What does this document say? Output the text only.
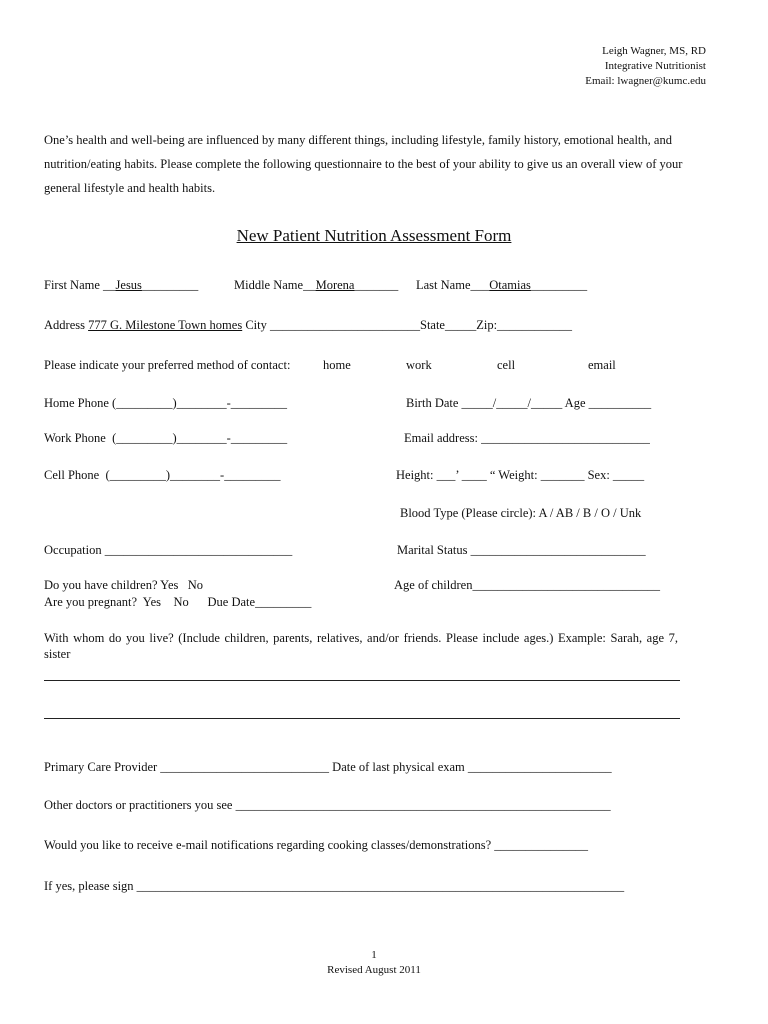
Leigh Wagner, MS, RD
Integrative Nutritionist
Email: lwagner@kumc.edu
One’s health and well-being are influenced by many different things, including lifestyle, family history, emotional health, and nutrition/eating habits. Please complete the following questionnaire to the best of your ability to give us an overall view of your general lifestyle and health habits.
New Patient Nutrition Assessment Form
First Name __Jesus_________	Middle Name__Morena_______ Last Name___Otamias_________
Address 777 G. Milestone Town homes City ________________________State_____Zip:____________
Please indicate your preferred method of contact:	home	work	cell	email
Home Phone (_________)________-_________	Birth Date _____/_____/_____ Age __________
Work Phone  (_________)________-_________	Email address: ___________________________
Cell Phone  (_________)________-_________	Height: ___’ ____ “ Weight: _______ Sex: _____
Blood Type (Please circle): A / AB / B / O / Unk
Occupation ______________________________	Marital Status ____________________________
Do you have children? Yes   No	Age of children______________________________
Are you pregnant?  Yes    No      Due Date_________
With whom do you live? (Include children, parents, relatives, and/or friends. Please include ages.) Example: Sarah, age 7, sister
Primary Care Provider ___________________________ Date of last physical exam _______________________
Other doctors or practitioners you see ____________________________________________________________
Would you like to receive e-mail notifications regarding cooking classes/demonstrations? _______________
If yes, please sign ______________________________________________________________________________
1
Revised August 2011
